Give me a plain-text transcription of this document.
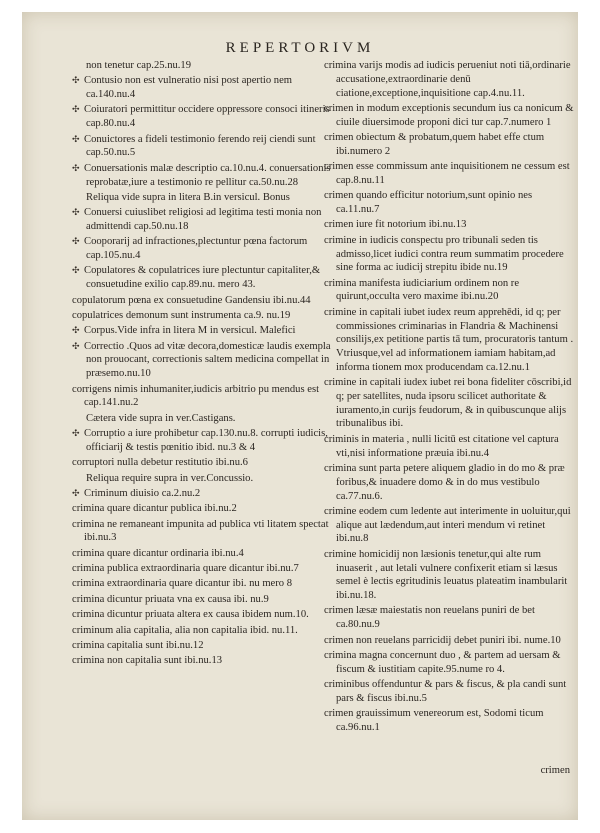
REPERTORIVM
non tenetur cap.25.nu.19
✣ Contusio non est vulneratio nisi post apertio nem ca.140.nu.4
✣ Coiuratori permittitur occidere oppressore consoci itineris cap.80.nu.4
✣ Conuictores a fideli testimonio ferendo reij ciendi sunt cap.50.nu.5
✣ Conuersationis malæ descriptio ca.10.nu.4. conuersationis reprobatæ,iure a testimonio re pellitur ca.50.nu.28
Reliqua vide supra in litera B.in versicul. Bonus
✣ Conuersi cuiuslibet religiosi ad legitima testi monia non admittendi cap.50.nu.18
✣ Cooporarij ad infractiones,plectuntur pœna factorum cap.105.nu.4
✣ Copulatores & copulatrices iure plectuntur capitaliter,& consuetudine exilio cap.89.nu. mero 43.
copulatorum pœna ex consuetudine Gandensiu ibi.nu.44
copulatrices demonum sunt instrumenta ca.9. nu.19
✣ Corpus.Vide infra in litera M in versicul. Malefici
✣ Correctio .Quos ad vitæ decora,domesticæ laudis exempla non prouocant, correctionis saltem medicina compellat in præsemo.nu.10
corrigens nimis inhumaniter,iudicis arbitrio pu mendus est cap.141.nu.2
Cætera vide supra in ver.Castigans.
✣ Corruptio a iure prohibetur cap.130.nu.8. corrupti iudicis, officiarij & testis pœnitio ibid. nu.3 & 4
corruptori nulla debetur restitutio ibi.nu.6
Reliqua require supra in ver.Concussio.
✣ Criminum diuisio ca.2.nu.2
crimina quare dicantur publica ibi.nu.2
crimina ne remaneant impunita ad publica vti litatem spectat ibi.nu.3
crimina quare dicantur ordinaria ibi.nu.4
crimina publica extraordinaria quare dicantur ibi.nu.7
crimina extraordinaria quare dicantur ibi. nu mero 8
crimina dicuntur priuata vna ex causa ibi. nu.9
crimina dicuntur priuata altera ex causa ibidem num.10.
criminum alia capitalia, alia non capitalia ibid. nu.11.
crimina capitalia sunt ibi.nu.12
crimina non capitalia sunt ibi.nu.13
crimina varijs modis ad iudicis perueniut noti tiā,ordinarie accusatione,extraordinarie denū ciatione,exceptione,inquisitione cap.4.nu.11.
crimen in modum exceptionis secundum ius ca nonicum & ciuile diuersimode proponi dici tur cap.7.numero 1
crimen obiectum & probatum,quem habet effe ctum ibi.numero 2
crimen esse commissum ante inquisitionem ne cessum est cap.8.nu.11
crimen quando efficitur notorium,sunt opinio nes ca.11.nu.7
crimen iure fit notorium ibi.nu.13
crimine in iudicis conspectu pro tribunali seden tis admisso,licet iudici contra reum summatim procedere sine forma ac iudicij strepitu ibide nu.19
crimina manifesta iudiciarium ordinem non re quirunt,occulta vero maxime ibi.nu.20
crimine in capitali iubet iudex reum apprehēdi, id q; per commissiones criminarias in Flandria & Machinensi consilijs,ex petitione partis tā tum, procuratoris tantum . Vtriusque,vel ad informationem iamiam habitam,ad informa tionem mox producendam ca.12.nu.1
crimine in capitali iudex iubet rei bona fideliter cōscribi,id q; per satellites, nuda ipsoru scilicet authoritate & iuramento,in curijs feudorum, & in quibuscunque alijs tribunalibus ibi.
criminis in materia , nulli licitū est citatione vel captura vti,nisi informatione præuia ibi.nu.4
crimina sunt parta petere aliquem gladio in do mo & præ foribus,& inuadere domo & in do mus vestibulo ca.77.nu.6.
crimine eodem cum ledente aut interimente in uoluitur,qui alique aut lædendum,aut interi mendum vi retinet ibi.nu.8
crimine homicidij non læsionis tenetur,qui alte rum inuaserit , aut letali vulnere confixerit etiam si læsus semel è lectis egritudinis leuatus plateatim inambularit ibi.nu.18.
crimen læsæ maiestatis non reuelans puniri de bet ca.80.nu.9
crimen non reuelans parricidij debet puniri ibi. nume.10
crimina magna concernunt duo , & partem ad uersam & fiscum & iustitiam capite.95.nume ro 4.
criminibus offenduntur & pars & fiscus, & pla candi sunt pars & fiscus ibi.nu.5
crimen grauissimum venereorum est, Sodomi ticum ca.96.nu.1
crimen
